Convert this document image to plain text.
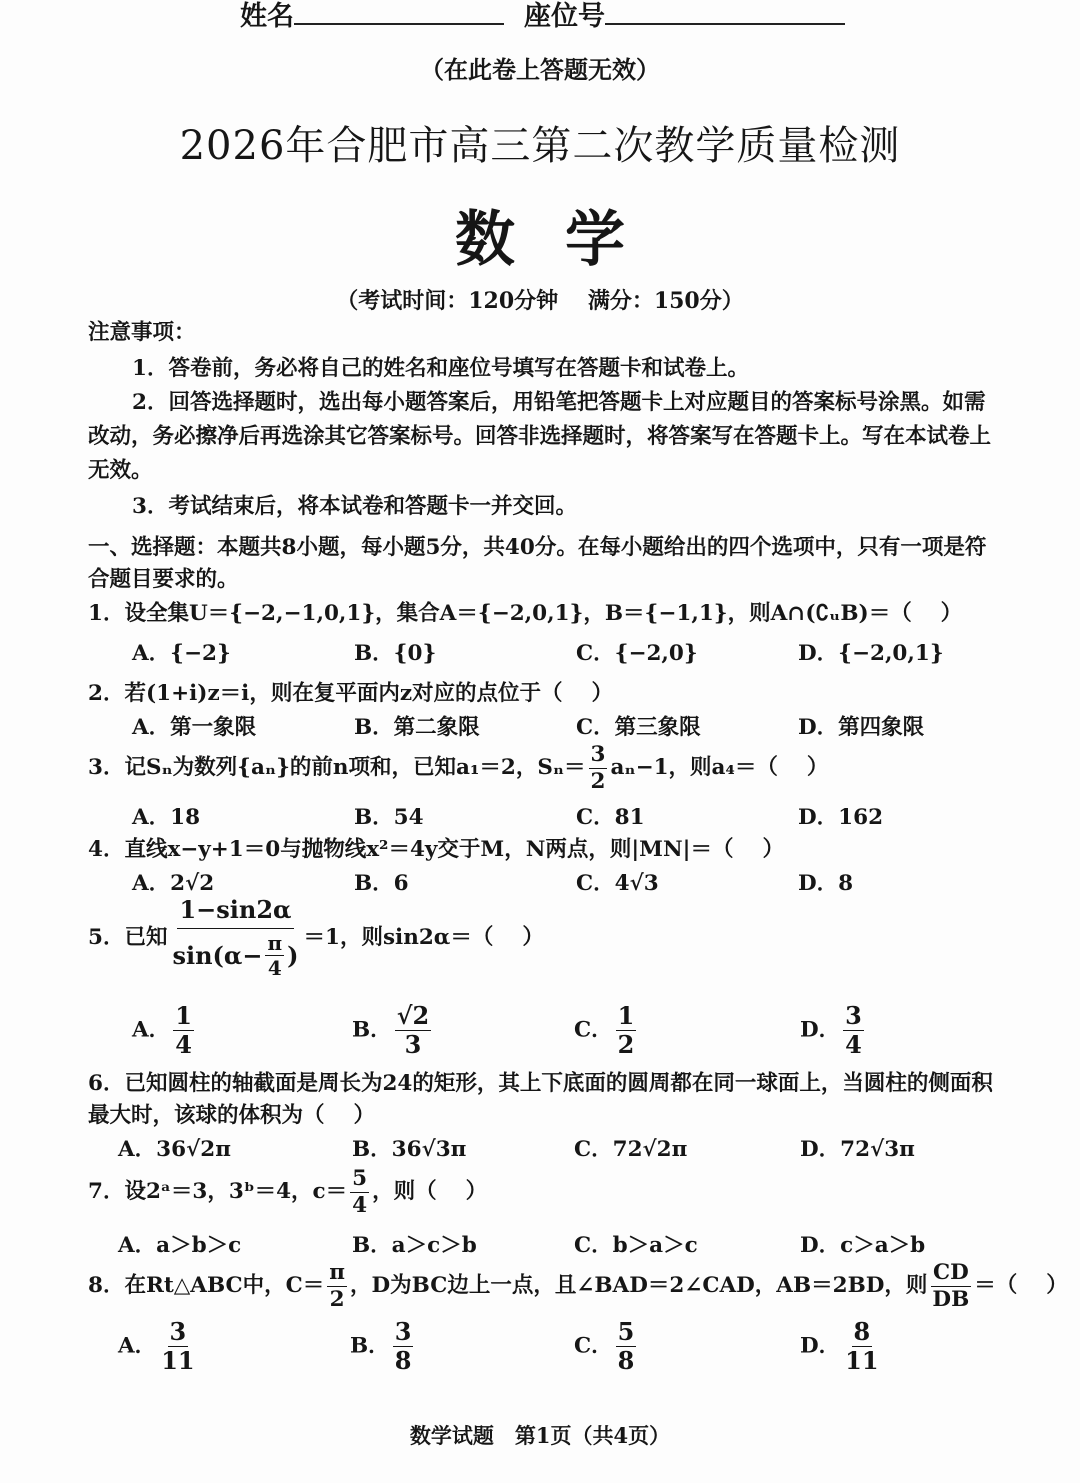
姓名	座位号
（在此卷上答题无效）
2026年合肥市高三第二次教学质量检测
数学
（考试时间：120分钟　 满分：150分）
注意事项：
1．答卷前，务必将自己的姓名和座位号填写在答题卡和试卷上。
2．回答选择题时，选出每小题答案后，用铅笔把答题卡上对应题目的答案标号涂黑。如需改动，务必擦净后再选涂其它答案标号。回答非选择题时，将答案写在答题卡上。写在本试卷上无效。
3．考试结束后，将本试卷和答题卡一并交回。
一、选择题：本题共8小题，每小题5分，共40分。在每小题给出的四个选项中，只有一项是符合题目要求的。
1．设全集U＝{−2,−1,0,1}，集合A＝{−2,0,1}，B＝{−1,1}，则A∩(∁ᵤB)＝（　 ）
A．{−2}	B．{0}	C．{−2,0}	D．{−2,0,1}
2．若(1+i)z＝i，则在复平面内z对应的点位于（　 ）
A．第一象限	B．第二象限	C．第三象限	D．第四象限
3．记Sₙ为数列{aₙ}的前n项和，已知a₁＝2，$S_n= \frac{3}{2} a_n-1$，则a₄＝（　 ）
A．18	B．54	C．81	D．162
4．直线x−y+1＝0与抛物线x²＝4y交于M，N两点，则|MN|＝（　 ）
A．2√2	B．6	C．4√3	D．8
5．已知 $\frac{1-\sin 2\alpha}{\sin(\alpha- \frac{\pi}{4} )} =1$，则sin2α＝（　 ）
A． $\frac{1}{4}$	B． $\frac{√2}{3}$	C． $\frac{1}{2}$	D． $\frac{3}{4}$
6．已知圆柱的轴截面是周长为24的矩形，其上下底面的圆周都在同一球面上，当圆柱的侧面积最大时，该球的体积为（　 ）
A．36√2π	B．36√3π	C．72√2π	D．72√3π
7．设2ᵃ＝3，3ᵇ＝4，$c= \frac{5}{4}$ ，则（　 ）
A．a＞b＞c	B．a＞c＞b	C．b＞a＞c	D．c＞a＞b
8．在Rt△ABC中，$C= \frac{\pi}{2}$ ，D为BC边上一点，且∠BAD＝2∠CAD，AB＝2BD，则 $\frac{CD}{DB}$ ＝（　 ）
A． $\frac{3}{11}$	B． $\frac{3}{8}$	C． $\frac{5}{8}$	D． $\frac{8}{11}$
数学试题　第1页（共4页）
